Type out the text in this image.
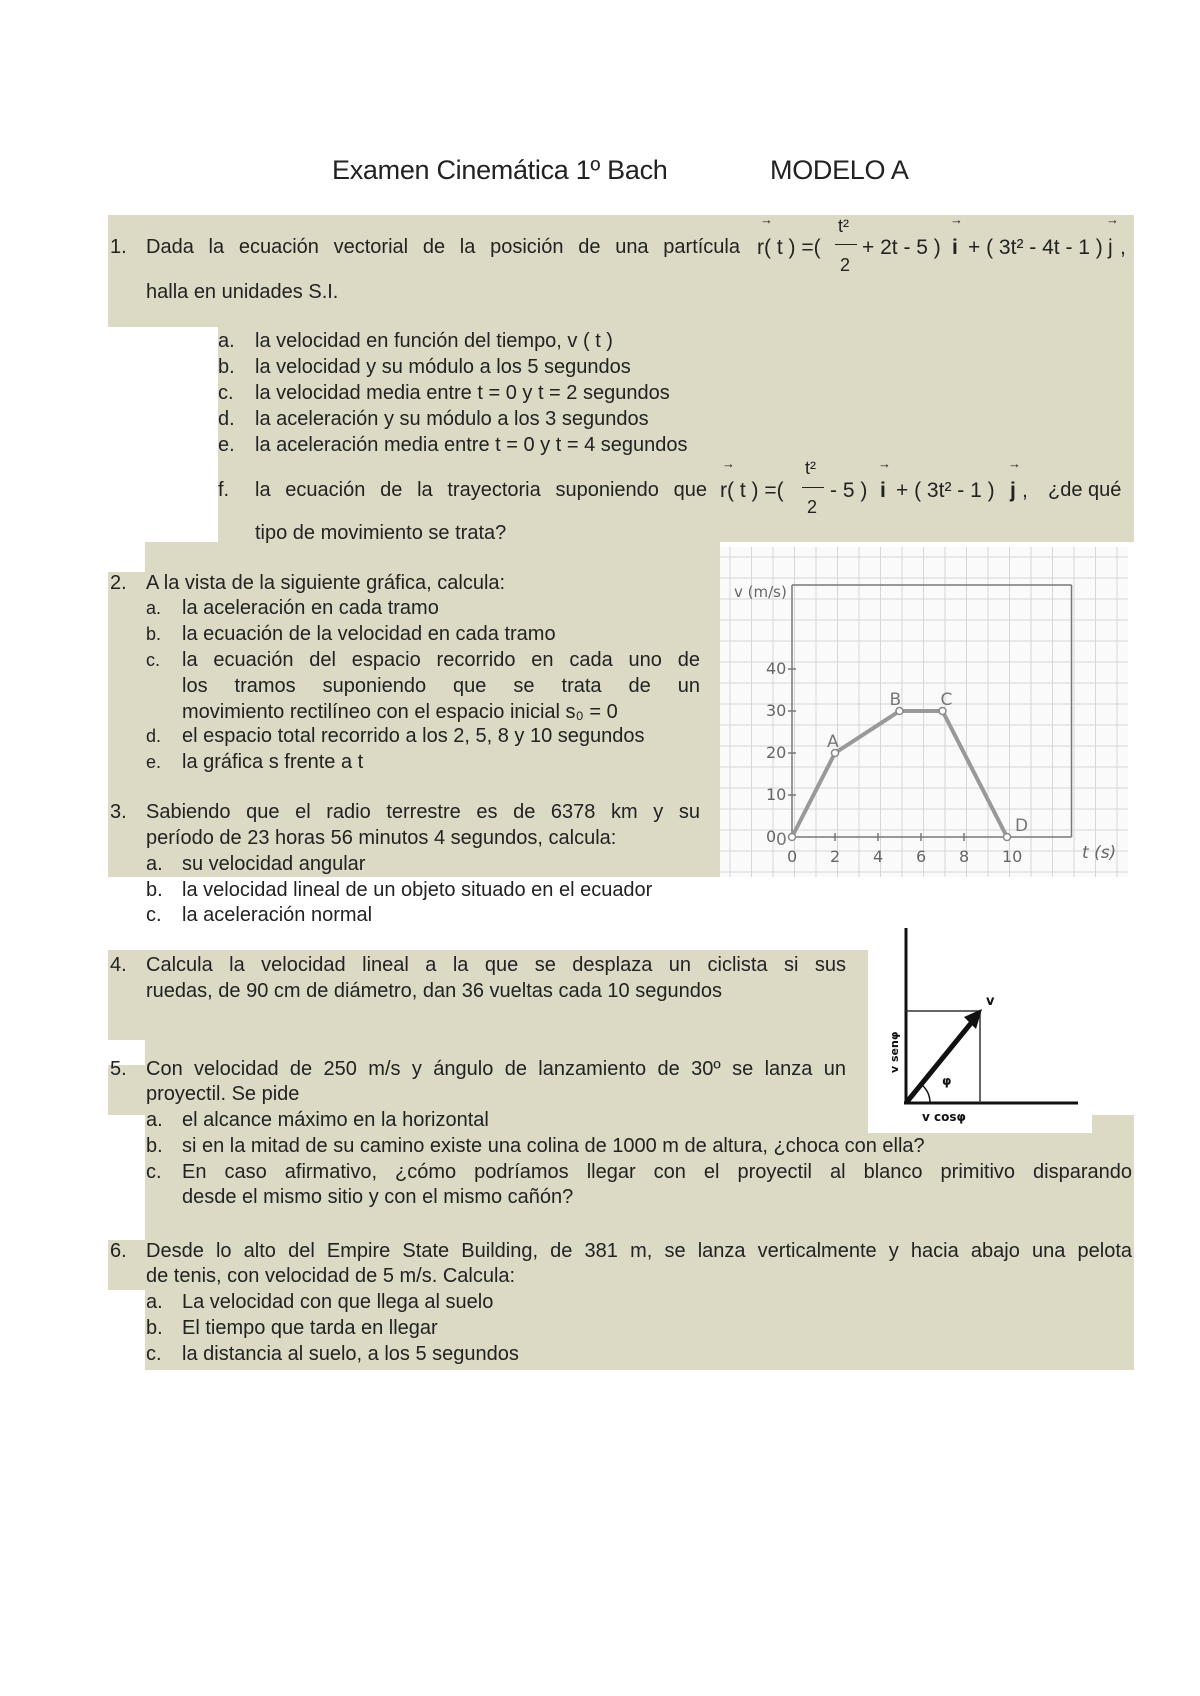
Examen Cinemática 1º Bach	MODELO A
1. Dada la ecuación vectorial de la posición de una partícula
→
r( t ) =(
t²
2
+ 2t - 5 )
→
i + ( 3t² - 4t - 1 )
→
j ,
halla en unidades S.I.
a. la velocidad en función del tiempo, v ( t )
b. la velocidad y su módulo a los 5 segundos
c. la velocidad media entre t = 0 y t = 2 segundos
d. la aceleración y su módulo a los 3 segundos
e. la aceleración media entre t = 0 y t = 4 segundos
f. la ecuación de la trayectoria suponiendo que
→
r( t ) =(
t²
2
- 5 )
→
i + ( 3t² - 1 )
→
j , ¿de qué
tipo de movimiento se trata?
2. A la vista de la siguiente gráfica, calcula:
a. la aceleración en cada tramo
b. la ecuación de la velocidad en cada tramo
c. la ecuación del espacio recorrido en cada uno de
los tramos suponiendo que se trata de un
movimiento rectilíneo con el espacio inicial s₀ = 0
d. el espacio total recorrido a los 2, 5, 8 y 10 segundos
e. la gráfica s frente a t
3. Sabiendo que el radio terrestre es de 6378 km y su
período de 23 horas 56 minutos 4 segundos, calcula:
a. su velocidad angular
b. la velocidad lineal de un objeto situado en el ecuador
c. la aceleración normal
4. Calcula la velocidad lineal a la que se desplaza un ciclista si sus
ruedas, de 90 cm de diámetro, dan 36 vueltas cada 10 segundos
5. Con velocidad de 250 m/s y ángulo de lanzamiento de 30º se lanza un
proyectil. Se pide
a. el alcance máximo en la horizontal
b. si en la mitad de su camino existe una colina de 1000 m de altura, ¿choca con ella?
c. En caso afirmativo, ¿cómo podríamos llegar con el proyectil al blanco primitivo disparando
desde el mismo sitio y con el mismo cañón?
6. Desde lo alto del Empire State Building, de 381 m, se lanza verticalmente y hacia abajo una pelota
de tenis, con velocidad de 5 m/s. Calcula:
a. La velocidad con que llega al suelo
b. El tiempo que tarda en llegar
c. la distancia al suelo, a los 5 segundos
0 2 4 6 8 10
0
10
20
30
40
0
A
B C
D
v (m/s)
t (s)
v
φ
v cosφ
v senφ
